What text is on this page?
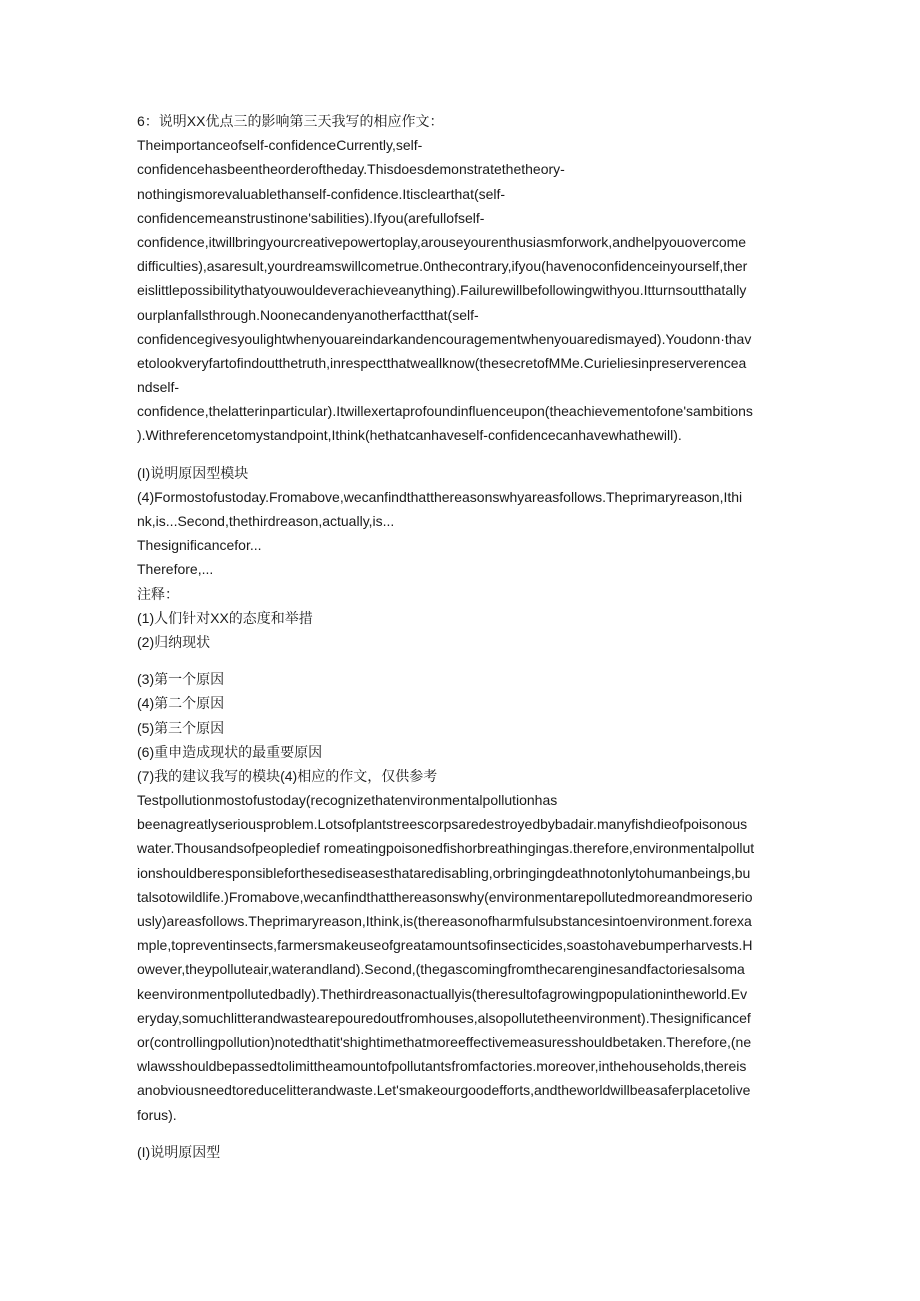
6：说明XX优点三的影响第三天我写的相应作文：
Theimportanceofself-confidenceCurrently,self-
confidencehasbeentheorderoftheday.Thisdoesdemonstratethetheory-
nothingismorevaluablethanself-confidence.Itisclearthat(self-
confidencemeanstrustinone'sabilities).Ifyou(arefullofself-
confidence,itwillbringyourcreativepowertoplay,arouseyourenthusiasmforwork,andhelpyouovercome
difficulties),asaresult,yourdreamswillcometrue.0nthecontrary,ifyou(havenoconfidenceinyourself,ther
eislittlepossibilitythatyouwouldeverachieveanything).Failurewillbefollowingwithyou.Itturnsoutthatally
ourplanfallsthrough.Noonecandenyanotherfactthat(self-
confidencegivesyoulightwhenyouareindarkandencouragementwhenyouaredismayed).Youdonn·thav
etolookveryfartofindoutthetruth,inrespectthatweallknow(thesecretofMMe.Curieliesinpreserverencea
ndself-
confidence,thelatterinparticular).Itwillexertaprofoundinfluenceupon(theachievementofone'sambitions
).Withreferencetomystandpoint,Ithink(hethatcanhaveself-confidencecanhavewhathewill).
(I)说明原因型模块
(4)Formostofustoday.Fromabove,wecanfindthatthereasonswhyareasfollows.Theprimaryreason,Ithi
nk,is...Second,thethirdreason,actually,is...
Thesignificancefor...
Therefore,...
注释：
(1)人们针对XX的态度和举措
(2)归纳现状
(3)第一个原因
(4)第二个原因
(5)第三个原因
(6)重申造成现状的最重要原因
(7)我的建议我写的模块(4)相应的作文，仅供参考
Testpollutionmostofustoday(recognizethatenvironmentalpollutionhas
beenagreatlyseriousproblem.Lotsofplantstreescorpsaredestroyedbybadair.manyfishdieofpoisonous
water.Thousandsofpeopledief romeatingpoisonedfishorbreathingingas.therefore,environmentalpollut
ionshouldberesponsibleforthesediseasesthataredisabling,orbringingdeathnotonlytohumanbeings,bu
talsotowildlife.)Fromabove,wecanfindthatthereasonswhy(environmentarepollutedmoreandmoreserio
usly)areasfollows.Theprimaryreason,Ithink,is(thereasonofharmfulsubstancesintoenvironment.forexa
mple,topreventinsects,farmersmakeuseofgreatamountsofinsecticides,soastohavebumperharvests.H
owever,theypolluteair,waterandland).Second,(thegascomingfromthecarenginesandfactoriesalsoma
keenvironmentpollutedbadly).Thethirdreasonactuallyis(theresultofagrowingpopulationintheworld.Ev
eryday,somuchlitterandwastearepouredoutfromhouses,alsopollutetheenvironment).Thesignificancef
or(controllingpollution)notedthatit'shightimethatmoreeffectivemeasuresshouldbetaken.Therefore,(ne
wlawsshouldbepassedtolimittheamountofpollutantsfromfactories.moreover,inthehouseholds,thereis
anobviousneedtoreducelitterandwaste.Let'smakeourgoodefforts,andtheworldwillbeasaferplacetolive
forus).
(I)说明原因型
